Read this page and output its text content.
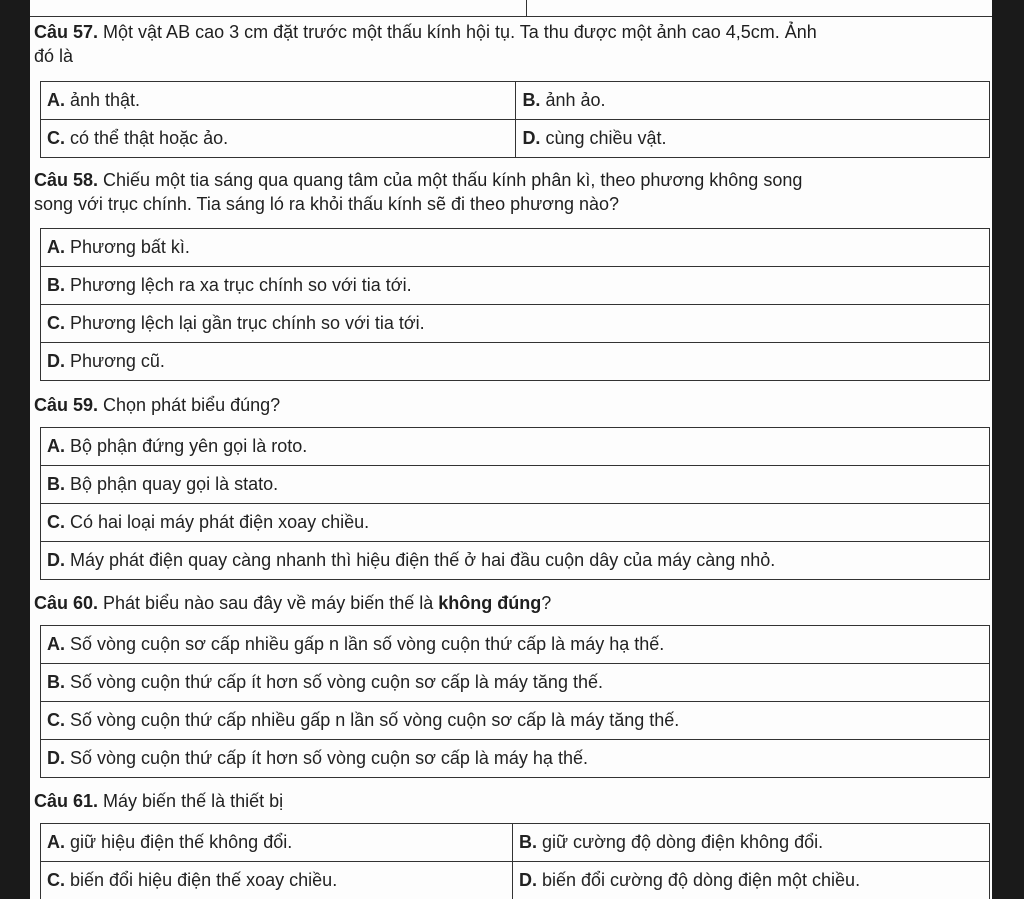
Câu 57. Một vật AB cao 3 cm đặt trước một thấu kính hội tụ. Ta thu được một ảnh cao 4,5cm. Ảnh
đó là
A. ảnh thật.	B. ảnh ảo.
C. có thể thật hoặc ảo.	D. cùng chiều vật.
Câu 58. Chiếu một tia sáng qua quang tâm của một thấu kính phân kì, theo phương không song
song với trục chính. Tia sáng ló ra khỏi thấu kính sẽ đi theo phương nào?
A. Phương bất kì.
B. Phương lệch ra xa trục chính so với tia tới.
C. Phương lệch lại gần trục chính so với tia tới.
D. Phương cũ.
Câu 59. Chọn phát biểu đúng?
A. Bộ phận đứng yên gọi là roto.
B. Bộ phận quay gọi là stato.
C. Có hai loại máy phát điện xoay chiều.
D. Máy phát điện quay càng nhanh thì hiệu điện thế ở hai đầu cuộn dây của máy càng nhỏ.
Câu 60. Phát biểu nào sau đây về máy biến thế là không đúng?
A. Số vòng cuộn sơ cấp nhiều gấp n lần số vòng cuộn thứ cấp là máy hạ thế.
B. Số vòng cuộn thứ cấp ít hơn số vòng cuộn sơ cấp là máy tăng thế.
C. Số vòng cuộn thứ cấp nhiều gấp n lần số vòng cuộn sơ cấp là máy tăng thế.
D. Số vòng cuộn thứ cấp ít hơn số vòng cuộn sơ cấp là máy hạ thế.
Câu 61. Máy biến thế là thiết bị
A. giữ hiệu điện thế không đổi.	B. giữ cường độ dòng điện không đổi.
C. biến đổi hiệu điện thế xoay chiều.	D. biến đổi cường độ dòng điện một chiều.
